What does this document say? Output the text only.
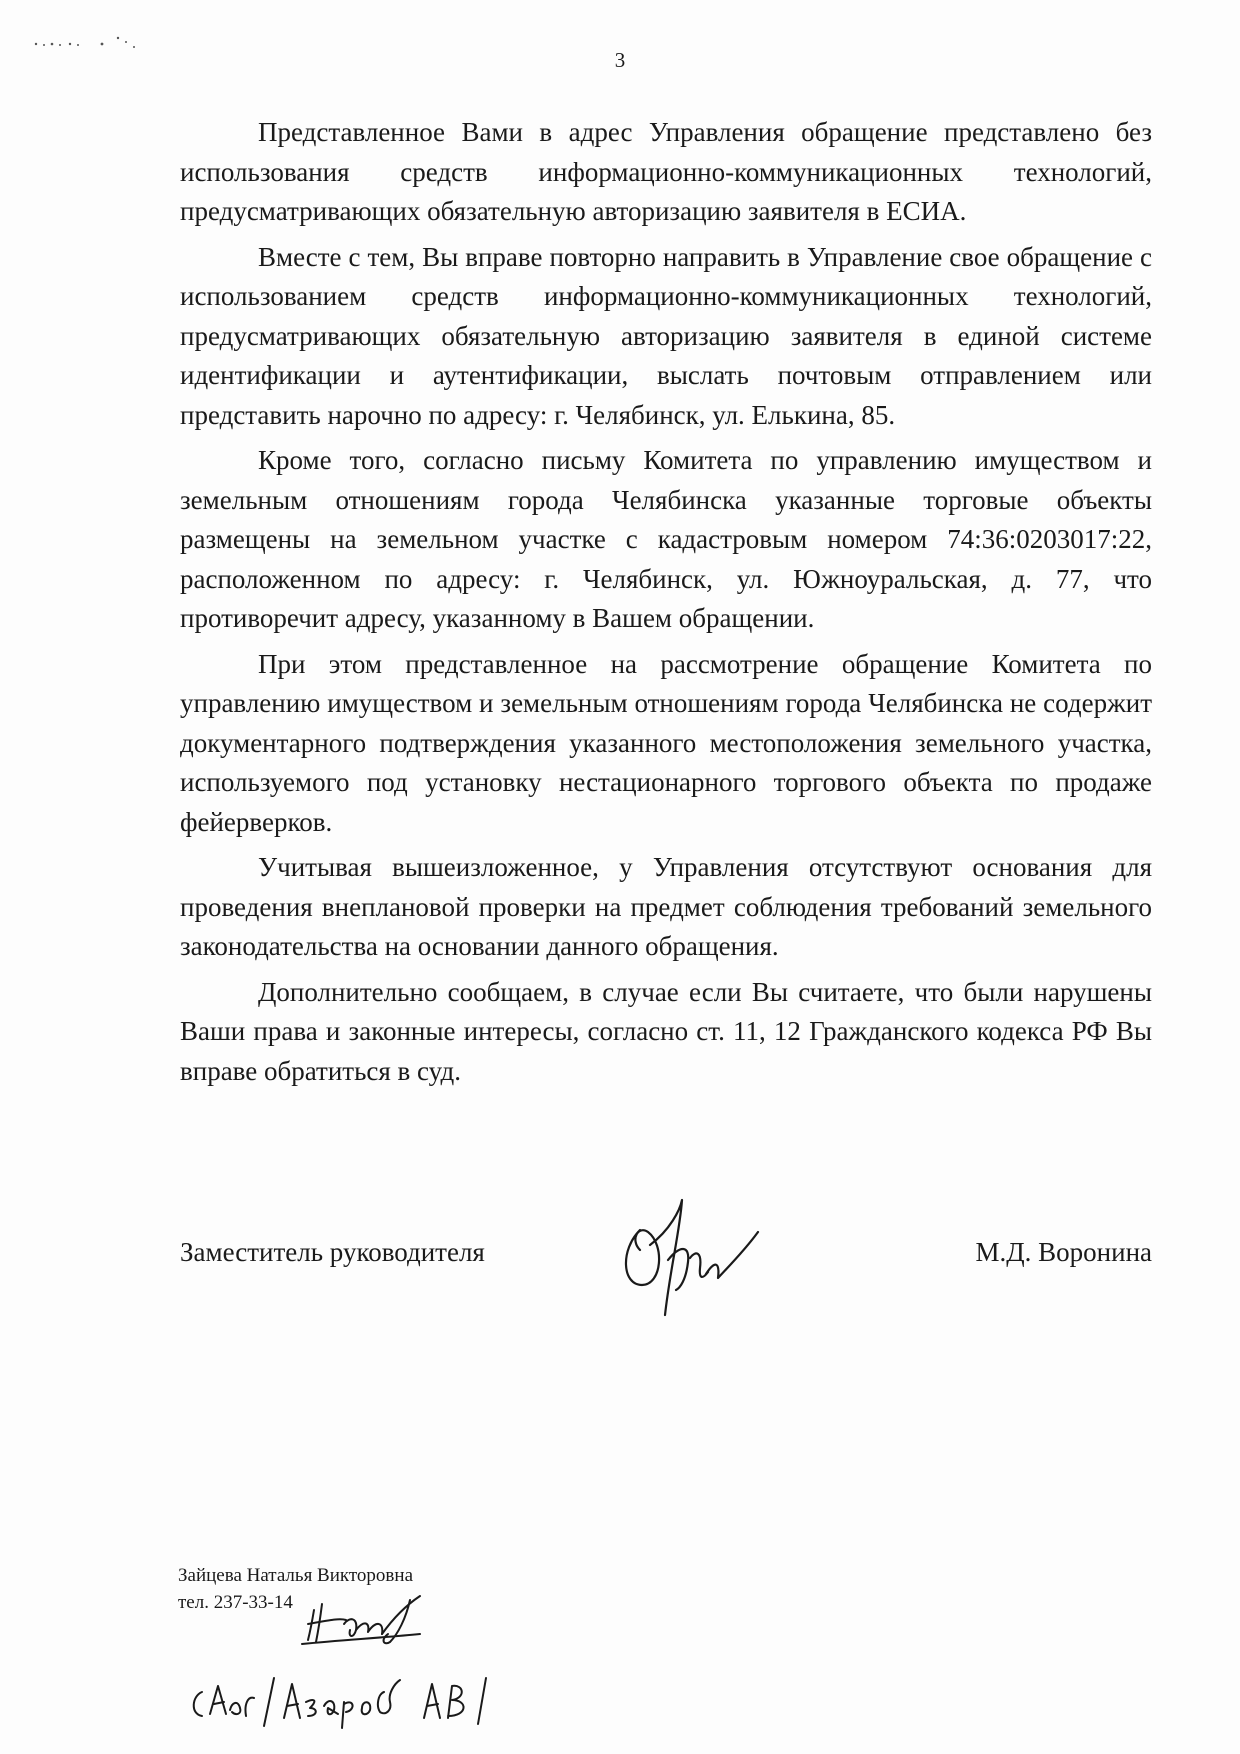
3

Представленное Вами в адрес Управления обращение представлено без использования средств информационно-коммуникационных технологий, предусматривающих обязательную авторизацию заявителя в ЕСИА.

Вместе с тем, Вы вправе повторно направить в Управление свое обращение с использованием средств информационно-коммуникационных технологий, предусматривающих обязательную авторизацию заявителя в единой системе идентификации и аутентификации, выслать почтовым отправлением или представить нарочно по адресу: г. Челябинск, ул. Елькина, 85.

Кроме того, согласно письму Комитета по управлению имуществом и земельным отношениям города Челябинска указанные торговые объекты размещены на земельном участке с кадастровым номером 74:36:0203017:22, расположенном по адресу: г. Челябинск, ул. Южноуральская, д. 77, что противоречит адресу, указанному в Вашем обращении.

При этом представленное на рассмотрение обращение Комитета по управлению имуществом и земельным отношениям города Челябинска не содержит документарного подтверждения указанного местоположения земельного участка, используемого под установку нестационарного торгового объекта по продаже фейерверков.

Учитывая вышеизложенное, у Управления отсутствуют основания для проведения внеплановой проверки на предмет соблюдения требований земельного законодательства на основании данного обращения.

Дополнительно сообщаем, в случае если Вы считаете, что были нарушены Ваши права и законные интересы, согласно ст. 11, 12 Гражданского кодекса РФ Вы вправе обратиться в суд.

Заместитель руководителя	М.Д. Воронина
Зайцева Наталья Викторовна
тел. 237-33-14
